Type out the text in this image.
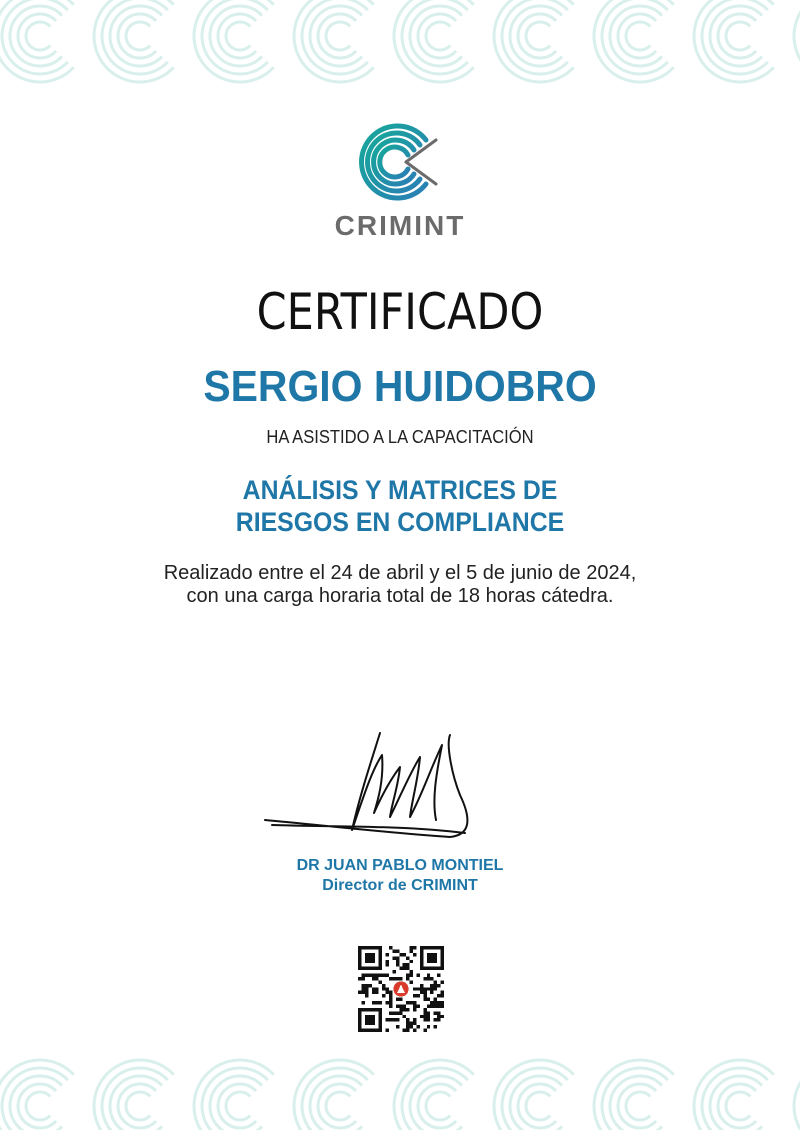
CRIMINT
CERTIFICADO
SERGIO HUIDOBRO
HA ASISTIDO A LA CAPACITACIÓN
ANÁLISIS Y MATRICES DE
RIESGOS EN COMPLIANCE
Realizado entre el 24 de abril y el 5 de junio de 2024,
con una carga horaria total de 18 horas cátedra.
DR JUAN PABLO MONTIEL
Director de CRIMINT
